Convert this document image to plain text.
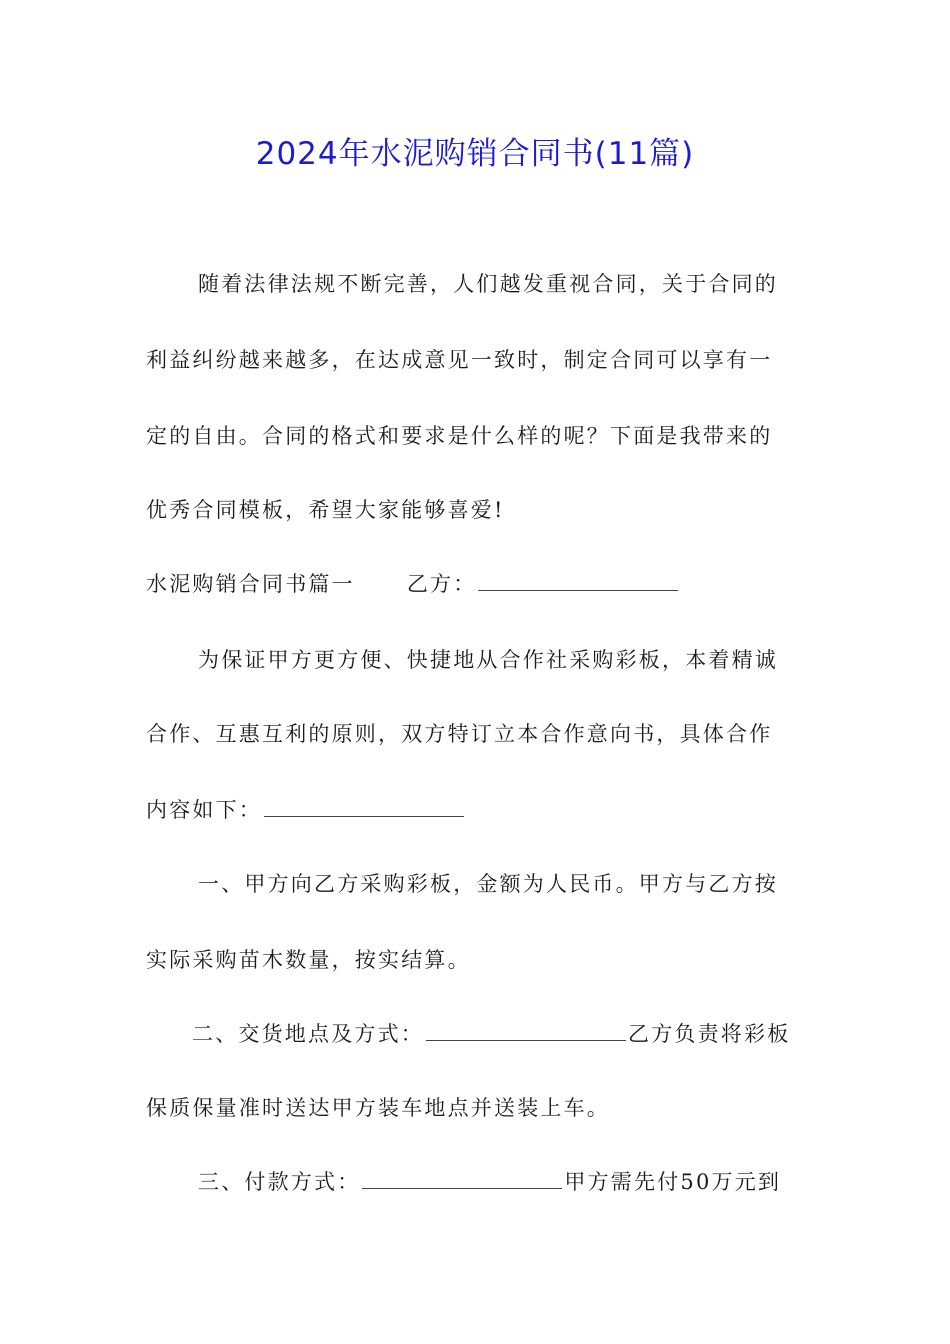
2024年水泥购销合同书(11篇)
随着法律法规不断完善，人们越发重视合同，关于合同的
利益纠纷越来越多，在达成意见一致时，制定合同可以享有一
定的自由。合同的格式和要求是什么样的呢？下面是我带来的
优秀合同模板，希望大家能够喜爱!
水泥购销合同书篇一 乙方：
为保证甲方更方便、快捷地从合作社采购彩板，本着精诚
合作、互惠互利的原则，双方特订立本合作意向书，具体合作
内容如下：
一、甲方向乙方采购彩板，金额为人民币。甲方与乙方按
实际采购苗木数量，按实结算。
二、交货地点及方式：	乙方负责将彩板
保质保量准时送达甲方装车地点并送装上车。
三、付款方式：	甲方需先付50万元到
